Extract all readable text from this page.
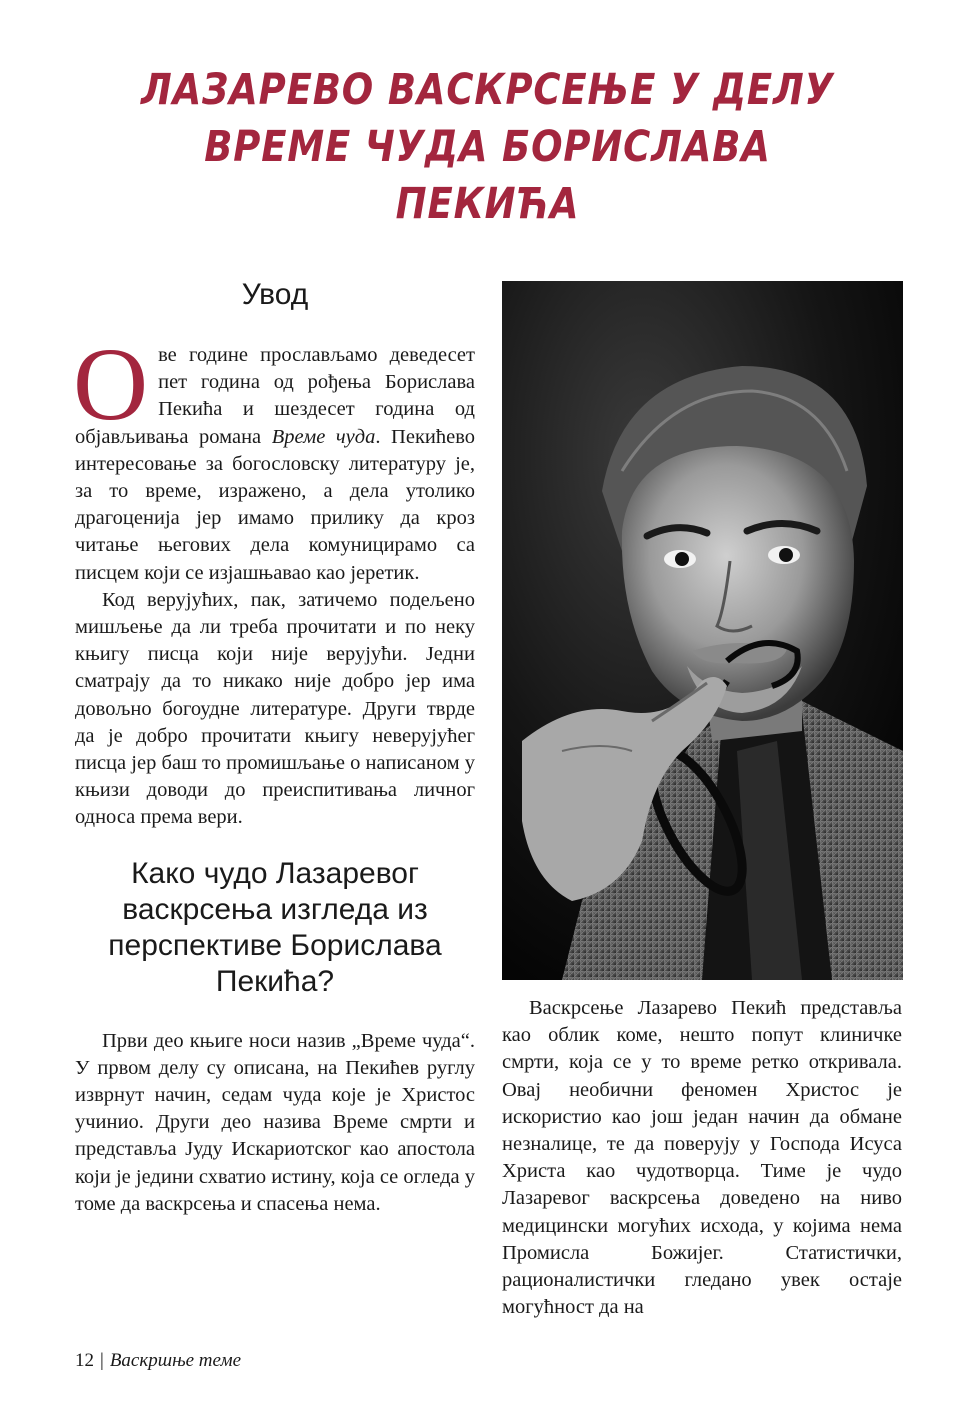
ЛАЗАРЕВО ВАСКРСЕЊЕ У ДЕЛУ
ВРЕМЕ ЧУДА БОРИСЛАВА ПЕКИЋА
Увод

Ове године прослављамо деведесет пет година од рођења Борислава Пекића и шездесет година од објављивања романа Време чуда. Пекићево интересовање за богословску литературу је, за то време, изражено, а дела утолико драгоценија јер имамо прилику да кроз читање његових дела комуницирамо са писцем који се изјашњавао као јеретик.

Код верујућих, пак, затичемо подељено мишљење да ли треба прочитати и по неку књигу писца који није верујући. Једни сматрају да то никако није добро јер има довољно богоудне литературе. Други тврде да је добро прочитати књигу неверујућег писца јер баш то промишљање о написаном у књизи доводи до преиспитивања личног односа према вери.

Како чудо Лазаревог васкрсења изгледа из перспективе Борислава Пекића?

Први део књиге носи назив „Време чуда“. У првом делу су описана, на Пекићев руглу изврнут начин, седам чуда које је Христос учинио. Други део назива Време смрти и представља Јуду Искариотског као апостола који је једини схватио истину, која се огледа у томе да васкрсења и спасења нема.

Васкрсење Лазарево Пекић представља као облик коме, нешто попут клиничке смрти, која се у то време ретко откривала. Овај необични феномен Христос је искористио као још један начин да обмане незналице, те да поверују у Господа Исуса Христа као чудотворца. Тиме је чудо Лазаревог васкрсења доведено на ниво медицински могућих исхода, у којима нема Промисла Божијег. Статистички, рационалистички гледано увек остаје могућност да на

12 | Васкршње теме
